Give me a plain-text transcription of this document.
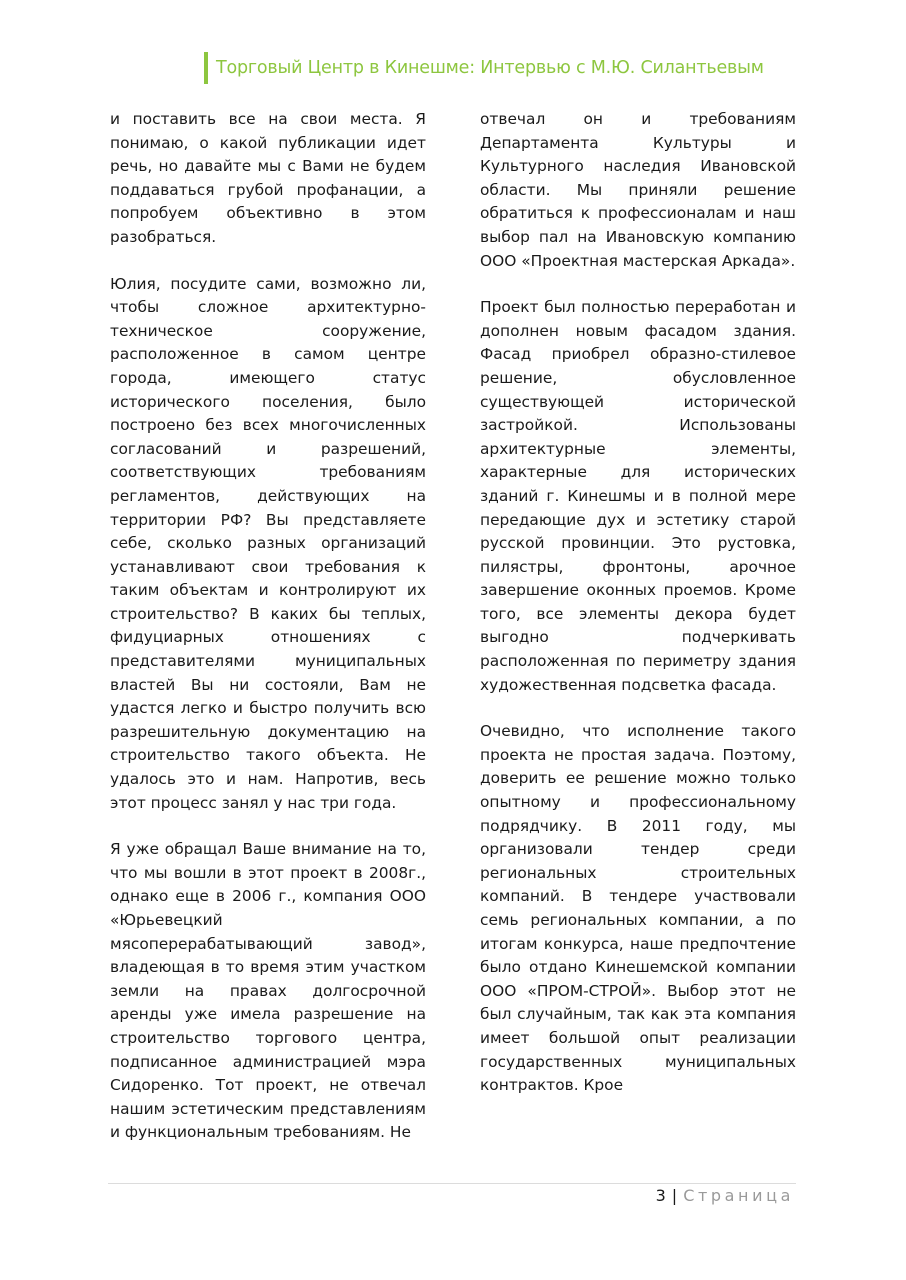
Торговый Центр в Кинешме: Интервью с М.Ю. Силантьевым

и поставить все на свои места. Я понимаю, о какой публикации идет речь, но давайте мы с Вами не будем поддаваться грубой профанации, а попробуем объективно в этом разобраться.

Юлия, посудите сами, возможно ли, чтобы сложное архитектурно-техническое сооружение, расположенное в самом центре города, имеющего статус исторического поселения, было построено без всех многочисленных согласований и разрешений, соответствующих требованиям регламентов, действующих на территории РФ? Вы представляете себе, сколько разных организаций устанавливают свои требования к таким объектам и контролируют их строительство? В каких бы теплых, фидуциарных отношениях с представителями муниципальных властей Вы ни состояли, Вам не удастся легко и быстро получить всю разрешительную документацию на строительство такого объекта. Не удалось это и нам. Напротив, весь этот процесс занял у нас три года.

Я уже обращал Ваше внимание на то, что мы вошли в этот проект в 2008г., однако еще в 2006 г., компания ООО «Юрьевецкий мясоперерабатывающий завод», владеющая в то время этим участком земли на правах долгосрочной аренды уже имела разрешение на строительство торгового центра, подписанное администрацией мэра Сидоренко. Тот проект, не отвечал нашим эстетическим представлениям и функциональным требованиям. Не

отвечал он и требованиям Департамента Культуры и Культурного наследия Ивановской области. Мы приняли решение обратиться к профессионалам и наш выбор пал на Ивановскую компанию ООО «Проектная мастерская Аркада».

Проект был полностью переработан и дополнен новым фасадом здания. Фасад приобрел образно-стилевое решение, обусловленное существующей исторической застройкой. Использованы архитектурные элементы, характерные для исторических зданий г. Кинешмы и в полной мере передающие дух и эстетику старой русской провинции. Это рустовка, пилястры, фронтоны, арочное завершение оконных проемов. Кроме того, все элементы декора будет выгодно подчеркивать расположенная по периметру здания художественная подсветка фасада.

Очевидно, что исполнение такого проекта не простая задача. Поэтому, доверить ее решение можно только опытному и профессиональному подрядчику. В 2011 году, мы организовали тендер среди региональных строительных компаний. В тендере участвовали семь региональных компании, а по итогам конкурса, наше предпочтение было отдано Кинешемской компании ООО «ПРОМ-СТРОЙ». Выбор этот не был случайным, так как эта компания имеет большой опыт реализации государственных муниципальных контрактов. Крое

3 | Страница
